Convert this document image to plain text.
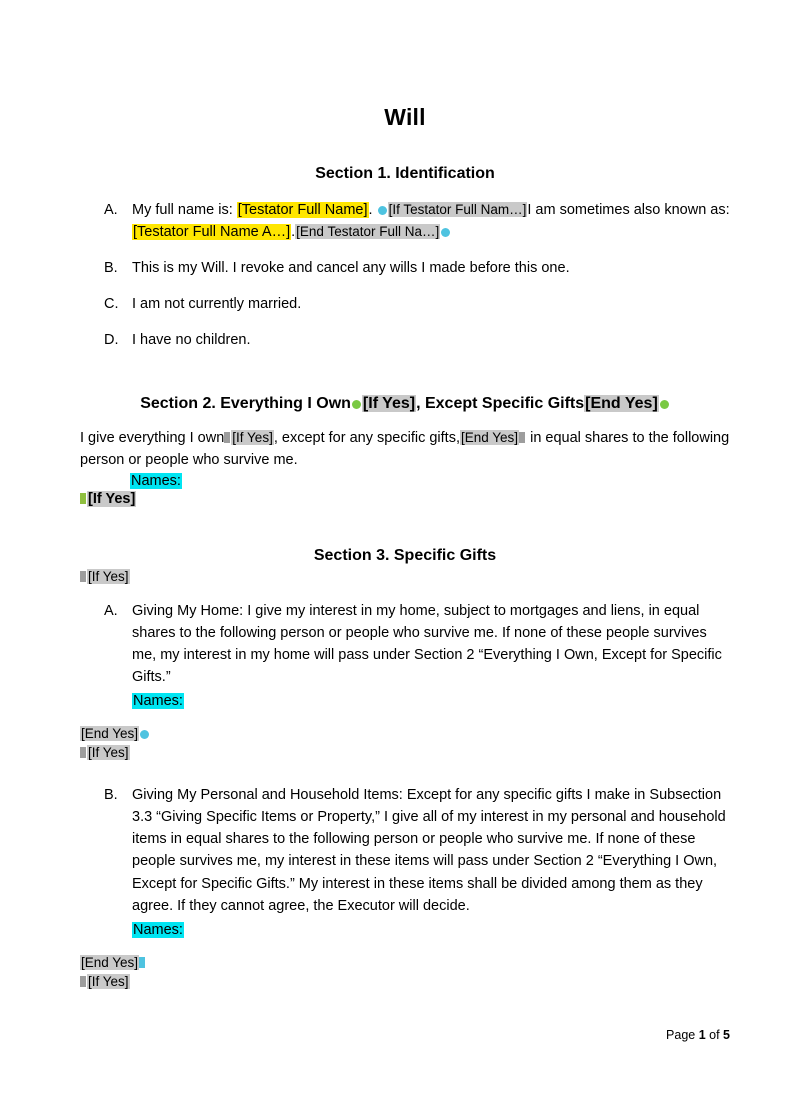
Will
Section 1. Identification
A. My full name is: [Testator Full Name]. [If Testator Full Nam…]I am sometimes also known as: [Testator Full Name A…].[End Testator Full Na…]
B. This is my Will. I revoke and cancel any wills I made before this one.
C. I am not currently married.
D. I have no children.
Section 2. Everything I Own [If Yes], Except Specific Gifts[End Yes]

I give everything I own [If Yes], except for any specific gifts,[End Yes] in equal shares to the following person or people who survive me.

Names:
[If Yes]
Section 3. Specific Gifts
[If Yes]
A. Giving My Home: I give my interest in my home, subject to mortgages and liens, in equal shares to the following person or people who survive me. If none of these people survives me, my interest in my home will pass under Section 2 “Everything I Own, Except for Specific Gifts.”
Names:
[End Yes]
[If Yes]
B. Giving My Personal and Household Items: Except for any specific gifts I make in Subsection 3.3 “Giving Specific Items or Property,” I give all of my interest in my personal and household items in equal shares to the following person or people who survive me. If none of these people survives me, my interest in these items will pass under Section 2 “Everything I Own, Except for Specific Gifts.” My interest in these items shall be divided among them as they agree. If they cannot agree, the Executor will decide.
Names:
[End Yes]
[If Yes]
Page 1 of 5
